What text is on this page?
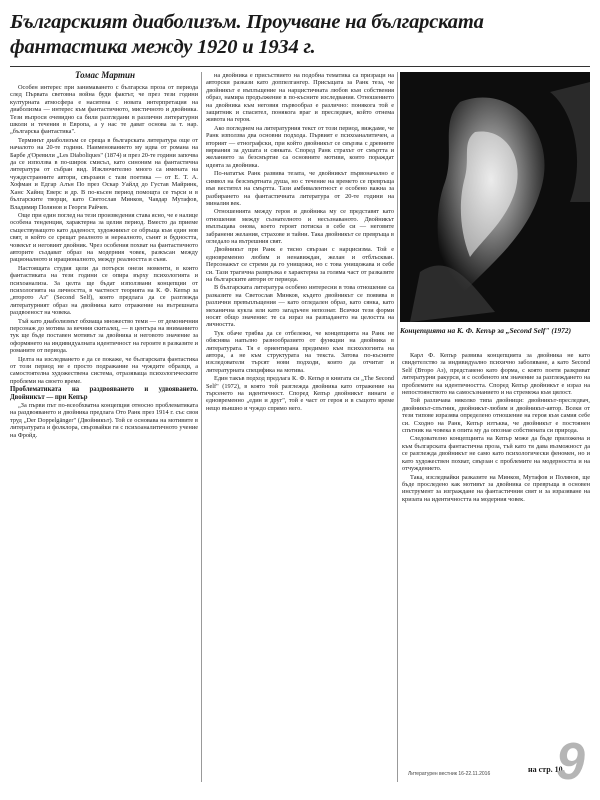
Българският диаболизъм. Проучване на българската фантастика между 1920 и 1934 г.
Томас Мартин

Особен интерес при занимаването с българска проза от периода след Първата световна война буди фактът, че през тези години културната атмосфера е наситена с новата интерпретация на диаболизма — интерес към фантастичното, мистичното и двойника. Тези въпроси очевидно са били разгледани в различни литературни школи и течения в Европа, а у нас те дават основа за т. нар. „българска фантастика".

Терминът диаболизъм се среща в българската литература още от началото на 20-те години. Наименованието му идва от романа на Барбе д'Оревили „Les Diaboliques" (1874) и през 20-те години започва да се използва в по-широк смисъл, като синоним на фантастична литература от събран вид. Изключително много са имената на чуждестранните автори, свързани с тази поетика — от Е. Т. А. Хофман и Едгар Алън По през Оскар Уайлд до Густав Майринк, Ханс Хайнц Еверс и др. В по-късен период помощта се търси и в българските творци, като Светослав Минков, Чавдар Мутафов, Владимир Полянов и Георги Райчев.

Още при един поглед на тези произведения става ясно, че е налице особена тенденция, характерна за целия период. Вместо да приеме съществуващото като даденост, художникът се обръща към един нов свят, в който се срещат реалното и нереалното, сънят и будността, човекът и неговият двойник. Чрез особения похват на фантастичното авторите създават образ на модерния човек, разкъсан между рационалното и ирационалното, между реалността и съня.

Настоящата студия цели да потърси онези моменти, в които фантастиката на тези години се опира върху психологията и психоанализа. За целта ще бъдат използвани концепции от психологията на личността, в частност теорията на К. Ф. Кепър за „второто Аз" (Second Self), която предлага да се разглежда литературният образ на двойника като отражение на вътрешната раздвоеност на човека.

Тъй като диаболизмът обхваща множество теми — от демоничния персонаж до мотива за вечния скиталец, — в центъра на вниманието тук ще бъде поставен мотивът за двойника и неговото значение за оформянето на индивидуалната идентичност на героите в разказите и романите от периода.

Целта на изследването е да се покаже, че българската фантастика от този период не е просто подражание на чуждите образци, а самостоятелна художествена система, отразяваща психологическите проблеми на своето време.

Проблематиката на раздвояването и удвояването. Двойникът — при Кепър

„За първи път по-всеобхватна концепция относно проблематиката на раздвояването и двойника предлага Ото Ранк през 1914 г. със своя труд „Der Doppelgänger" (Двойникът). Той се основава на мотивите в литературата и фолклора, свързвайки ги с психоаналитичното учение на Фройд.

на двойника е присъствието на подобна тематика са призраци на авторски разкази като доппелгангер. Присъщата за Ранк теза, че двойникът е въплъщение на нарцистичната любов към собствения образ, намира продължение в по-късните изследвания. Отношението на двойника към неговия първообраз е различно: понякога той е защитник и спасител, понякога враг и преследвач, който отнема живота на героя.

Ако погледнем на литературния текст от този период, виждаме, че Ранк използва два основни подхода. Първият е психоаналитичен, а вторият — етнографски, при който двойникът се свързва с древните вярвания за душата и сянката. Според Ранк страхът от смъртта и желанието за безсмъртие са основните мотиви, които пораждат идеята за двойника.

По-нататък Ранк развива тезата, че двойникът първоначално е символ на безсмъртната душа, но с течение на времето се превръща във вестител на смъртта. Тази амбивалентност е особено важна за разбирането на фантастичната литература от 20-те години на миналия век.

Отношенията между героя и двойника му се представят като отношения между съзнателното и несъзнаваното. Двойникът въплъщава онова, което героят потиска в себе си — неговите забранени желания, страхове и тайни. Така двойникът се превръща в огледало на вътрешния свят.

Двойникът при Ранк е тясно свързан с нарцисизма. Той е едновременно любим и ненавиждан, желан и отблъскван. Персонажът се стреми да го унищожи, но с това унищожава и себе си. Тази трагична развръзка е характерна за голяма част от разказите на българските автори от периода.

В българската литература особено интересни в това отношение са разказите на Светослав Минков, където двойникът се появява в различни превъплъщения — като огледален образ, като сянка, като механична кукла или като загадъчен непознат. Всички тези форми носят общо значение: те са израз на разпадането на целостта на личността.

Тук обаче трябва да се отбележи, че концепцията на Ранк не обяснява напълно разнообразието от функции на двойника в литературата. Тя е ориентирана предимно към психологията на автора, а не към структурата на текста. Затова по-късните изследователи търсят нови подходи, които да отчитат и литературната специфика на мотива.

Един такъв подход предлага К. Ф. Кепър в книгата си „The Second Self" (1972), в която той разглежда двойника като отражение на търсенето на идентичност. Според Кепър двойникът винаги е едновременно „един и друг", той е част от героя и в същото време нещо външно и чуждо спрямо него.

Концепцията на К. Ф. Кепър за „Second Self" (1972)

Карл Ф. Кепър развива концепцията за двойника не като свидетелство за индивидуално психично заболяване, а като Second Self (Второ Аз), представено като форма, с която поети разкриват литературни ракурси, и с особеното им значение за разглеждането на проблемите на идентичността. Според Кепър двойникът е израз на непостоянството на самосъзнанието и на стремежа към цялост.

Той различава няколко типа двойници: двойникът-преследвач, двойникът-спътник, двойникът-любим и двойникът-автор. Всеки от тези типове изразява определено отношение на героя към самия себе си. Сходно на Ранк, Кепър изтъква, че двойникът е постоянен спътник на човека в опита му да опознае собствената си природа.

Следователно концепцията на Кепър може да бъде приложена и към българската фантастична проза, тъй като тя дава възможност да се разглежда двойникът не само като психологически феномен, но и като художествен похват, свързан с проблемите на модерността и на отчуждението.

Така, изследвайки разказите на Минков, Мутафов и Полянов, ще бъде проследено как мотивът за двойника се превръща в основен инструмент за изграждане на фантастичния свят и за изразяване на кризата на идентичността на модерния човек.

Литературен вестник 16-22.11.2016	на стр. 10
9
